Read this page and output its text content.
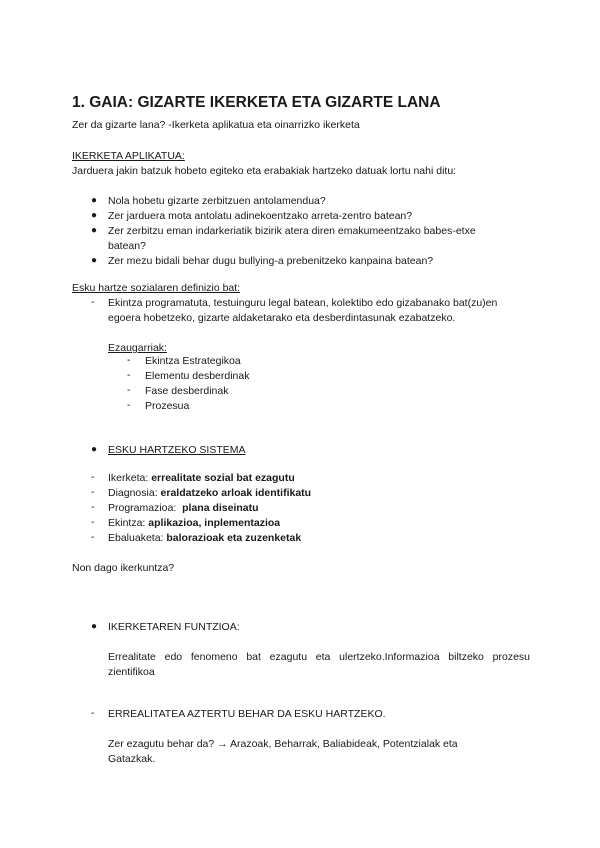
1. GAIA: GIZARTE IKERKETA ETA GIZARTE LANA
Zer da gizarte lana? -Ikerketa aplikatua eta oinarrizko ikerketa
IKERKETA APLIKATUA:
Jarduera jakin batzuk hobeto egiteko eta erabakiak hartzeko datuak lortu nahi ditu:
● Nola hobetu gizarte zerbitzuen antolamendua?
● Zer jarduera mota antolatu adinekoentzako arreta-zentro batean?
● Zer zerbitzu eman indarkeriatik bizirik atera diren emakumeentzako babes-etxe
batean?
● Zer mezu bidali behar dugu bullying-a prebenitzeko kanpaina batean?
Esku hartze sozialaren definizio bat:
- Ekintza programatuta, testuinguru legal batean, kolektibo edo gizabanako bat(zu)en
egoera hobetzeko, gizarte aldaketarako eta desberdintasunak ezabatzeko.
Ezaugarriak:
- Ekintza Estrategikoa
- Elementu desberdinak
- Fase desberdinak
- Prozesua
● ESKU HARTZEKO SISTEMA
- Ikerketa: errealitate sozial bat ezagutu
- Diagnosia: eraldatzeko arloak identifikatu
- Programazioa:  plana diseinatu
- Ekintza: aplikazioa, inplementazioa
- Ebaluaketa: balorazioak eta zuzenketak
Non dago ikerkuntza?
● IKERKETAREN FUNTZIOA:
Errealitate edo fenomeno bat ezagutu eta ulertzeko.Informazioa biltzeko prozesu
zientifikoa
- ERREALITATEA AZTERTU BEHAR DA ESKU HARTZEKO.
Zer ezagutu behar da? → Arazoak, Beharrak, Baliabideak, Potentzialak eta
Gatazkak.
